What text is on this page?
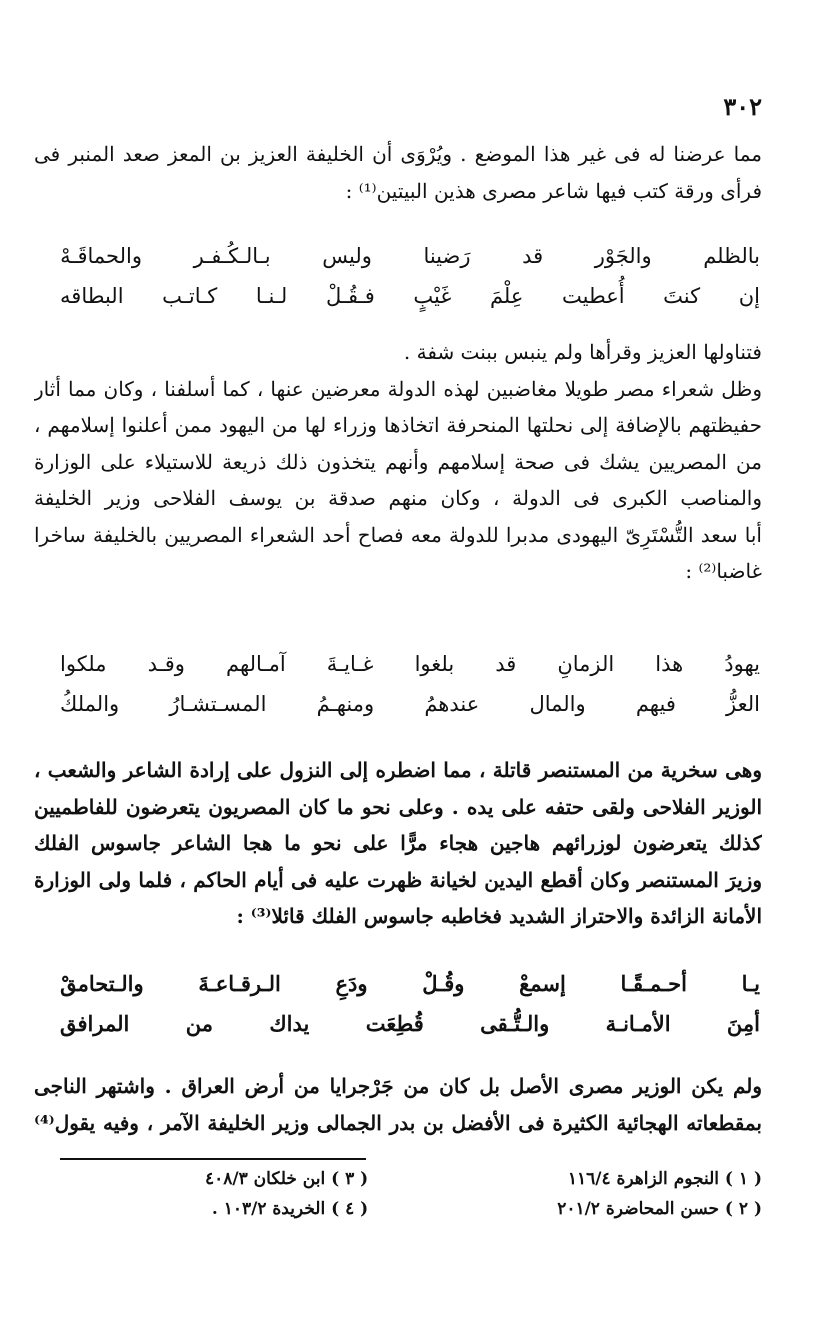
٣٠٢
مما عرضنا له فى غير هذا الموضع . ويُرْوَى أن الخليفة العزيز بن المعز صعد المنبر فى
فرأى ورقة كتب فيها شاعر مصرى هذين البيتين⁽¹⁾ :
بالظلم
والجَوْر
قد
رَضينا
وليس
بـالـكُـفـر
والحماقَـهْ
إن
كنتَ
أُعطيت
عِلْمَ
غَيْبٍ
فـقُـلْ
لـنـا
كـاتـب
البطاقه
فتناولها العزيز وقرأها ولم ينبس ببنت شفة .
وظل شعراء مصر طويلا مغاضبين لهذه الدولة معرضين عنها ، كما أسلفنا ، وكان مما أثار
حفيظتهم بالإضافة إلى نحلتها المنحرفة اتخاذها وزراء لها من اليهود ممن أعلنوا إسلامهم ،
من المصريين يشك فى صحة إسلامهم وأنهم يتخذون ذلك ذريعة للاستيلاء على الوزارة
والمناصب الكبرى فى الدولة ، وكان منهم صدقة بن يوسف الفلاحى وزير الخليفة
أبا سعد التُّسْتَرِىّ اليهودى مدبرا للدولة معه فصاح أحد الشعراء المصريين بالخليفة ساخرا
غاضبا⁽²⁾ :
يهودُ
هذا
الزمانِ
قد
بلغوا
غـايـةَ
آمـالهم
وقـد
ملكوا
العزُّ
فيهم
والمال
عندهمُ
ومنهـمُ
المسـتشـارُ
والملكُ
وهى سخرية من المستنصر قاتلة ، مما اضطره إلى النزول على إرادة الشاعر والشعب ،
الوزير الفلاحى ولقى حتفه على يده . وعلى نحو ما كان المصريون يتعرضون للفاطميين
كذلك يتعرضون لوزرائهم هاجين هجاء مرًّا على نحو ما هجا الشاعر جاسوس الفلك
وزيرَ المستنصر وكان أقطع اليدين لخيانة ظهرت عليه فى أيام الحاكم ، فلما ولى الوزارة
الأمانة الزائدة والاحتراز الشديد فخاطبه جاسوس الفلك قائلا⁽³⁾ :
يـا
أحـمـقًـا
إسمعْ
وقُـلْ
ودَعِ
الـرقـاعـةَ
والـتحامقْ
أمِنَ
الأمـانـة
والـتُّـقى
قُطِعَت
يداك
من
المرافق
ولم يكن الوزير مصرى الأصل بل كان من جَرْجرايا من أرض العراق . واشتهر الناجى
بمقطعاته الهجائية الكثيرة فى الأفضل بن بدر الجمالى وزير الخليفة الآمر ، وفيه يقول⁽⁴⁾
( ١ ) النجوم الزاهرة ١١٦/٤
( ٣ ) ابن خلكان ٤٠٨/٣
( ٢ ) حسن المحاضرة ٢٠١/٢
( ٤ ) الخريدة ١٠٣/٢ .
